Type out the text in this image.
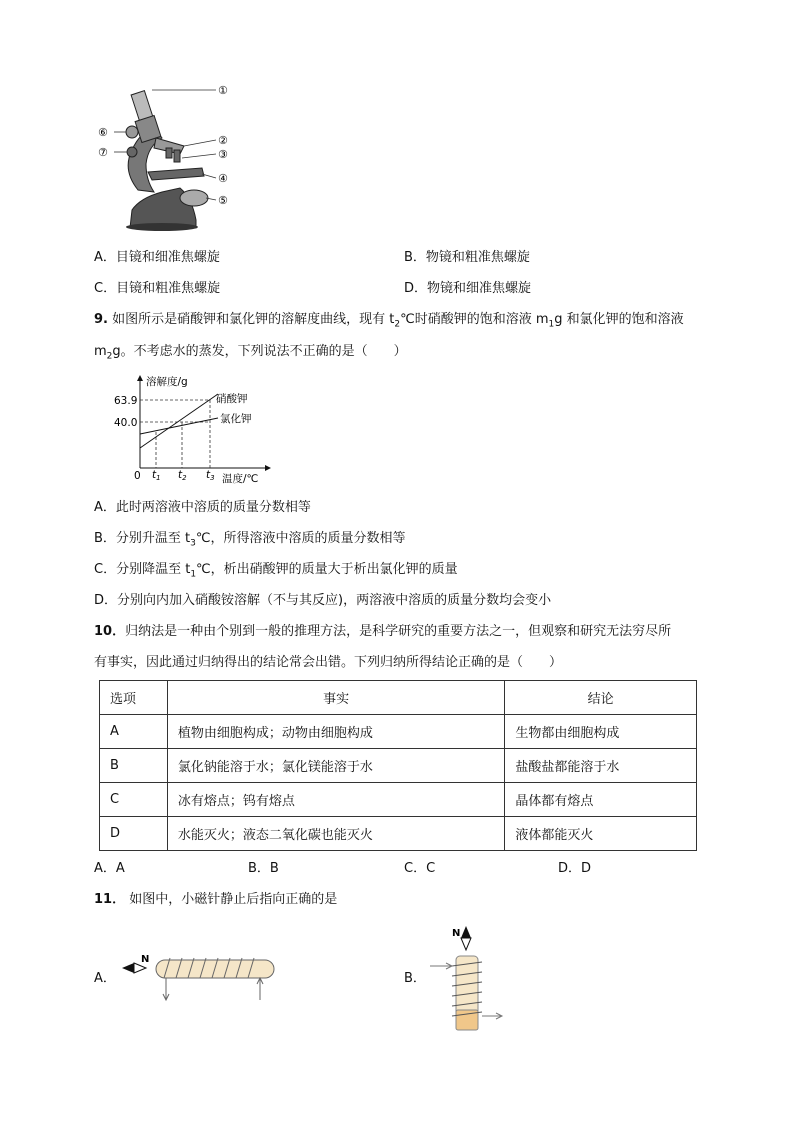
①
②
③
④
⑤
⑥
⑦
A．目镜和细准焦螺旋	B．物镜和粗准焦螺旋
C．目镜和粗准焦螺旋	D．物镜和细准焦螺旋
9. 如图所示是硝酸钾和氯化钾的溶解度曲线，现有 $t_2℃$时硝酸钾的饱和溶液 $m_1g$ 和氯化钾的饱和溶液
$m_2g$。不考虑水的蒸发，下列说法不正确的是（　　）
溶解度/g
温度/℃
0
63.9
40.0
硝酸钾
氯化钾
t1 t2 t3
A．此时两溶液中溶质的质量分数相等
B．分别升温至 $t_3℃$，所得溶液中溶质的质量分数相等
C．分别降温至 $t_1℃$，析出硝酸钾的质量大于析出氯化钾的质量
D．分别向内加入硝酸铵溶解（不与其反应)，两溶液中溶质的质量分数均会变小
10．归纳法是一种由个别到一般的推理方法，是科学研究的重要方法之一，但观察和研究无法穷尽所
有事实，因此通过归纳得出的结论常会出错。下列归纳所得结论正确的是（　　）
选项	事实	结论
A	植物由细胞构成；动物由细胞构成	生物都由细胞构成
B	氯化钠能溶于水；氯化镁能溶于水	盐酸盐都能溶于水
C	冰有熔点；钨有熔点	晶体都有熔点
D	水能灭火；液态二氧化碳也能灭火	液体都能灭火
A．A	B．B	C．C	D．D
11． 如图中，小磁针静止后指向正确的是
A．
N
B．
N
